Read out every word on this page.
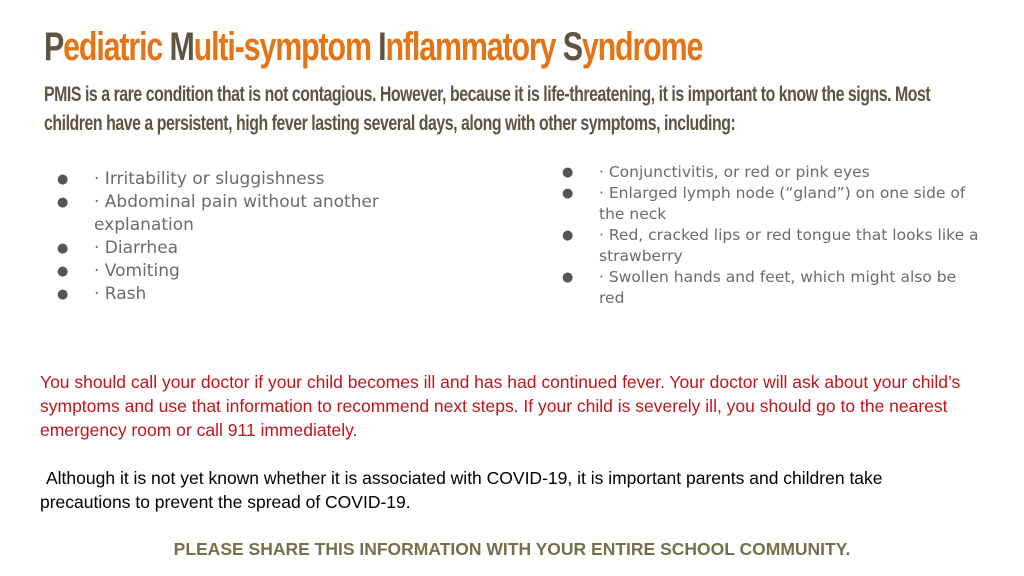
Pediatric Multi-symptom Inflammatory Syndrome

PMIS is a rare condition that is not contagious. However, because it is life-threatening, it is important to know the signs. Most children have a persistent, high fever lasting several days, along with other symptoms, including:

● · Irritability or sluggishness
● · Abdominal pain without another explanation
● · Diarrhea
● · Vomiting
● · Rash
● · Conjunctivitis, or red or pink eyes
● · Enlarged lymph node (“gland”) on one side of the neck
● · Red, cracked lips or red tongue that looks like a strawberry
● · Swollen hands and feet, which might also be red

You should call your doctor if your child becomes ill and has had continued fever. Your doctor will ask about your child’s symptoms and use that information to recommend next steps. If your child is severely ill, you should go to the nearest emergency room or call 911 immediately.

Although it is not yet known whether it is associated with COVID-19, it is important parents and children take precautions to prevent the spread of COVID-19.

PLEASE SHARE THIS INFORMATION WITH YOUR ENTIRE SCHOOL COMMUNITY.
